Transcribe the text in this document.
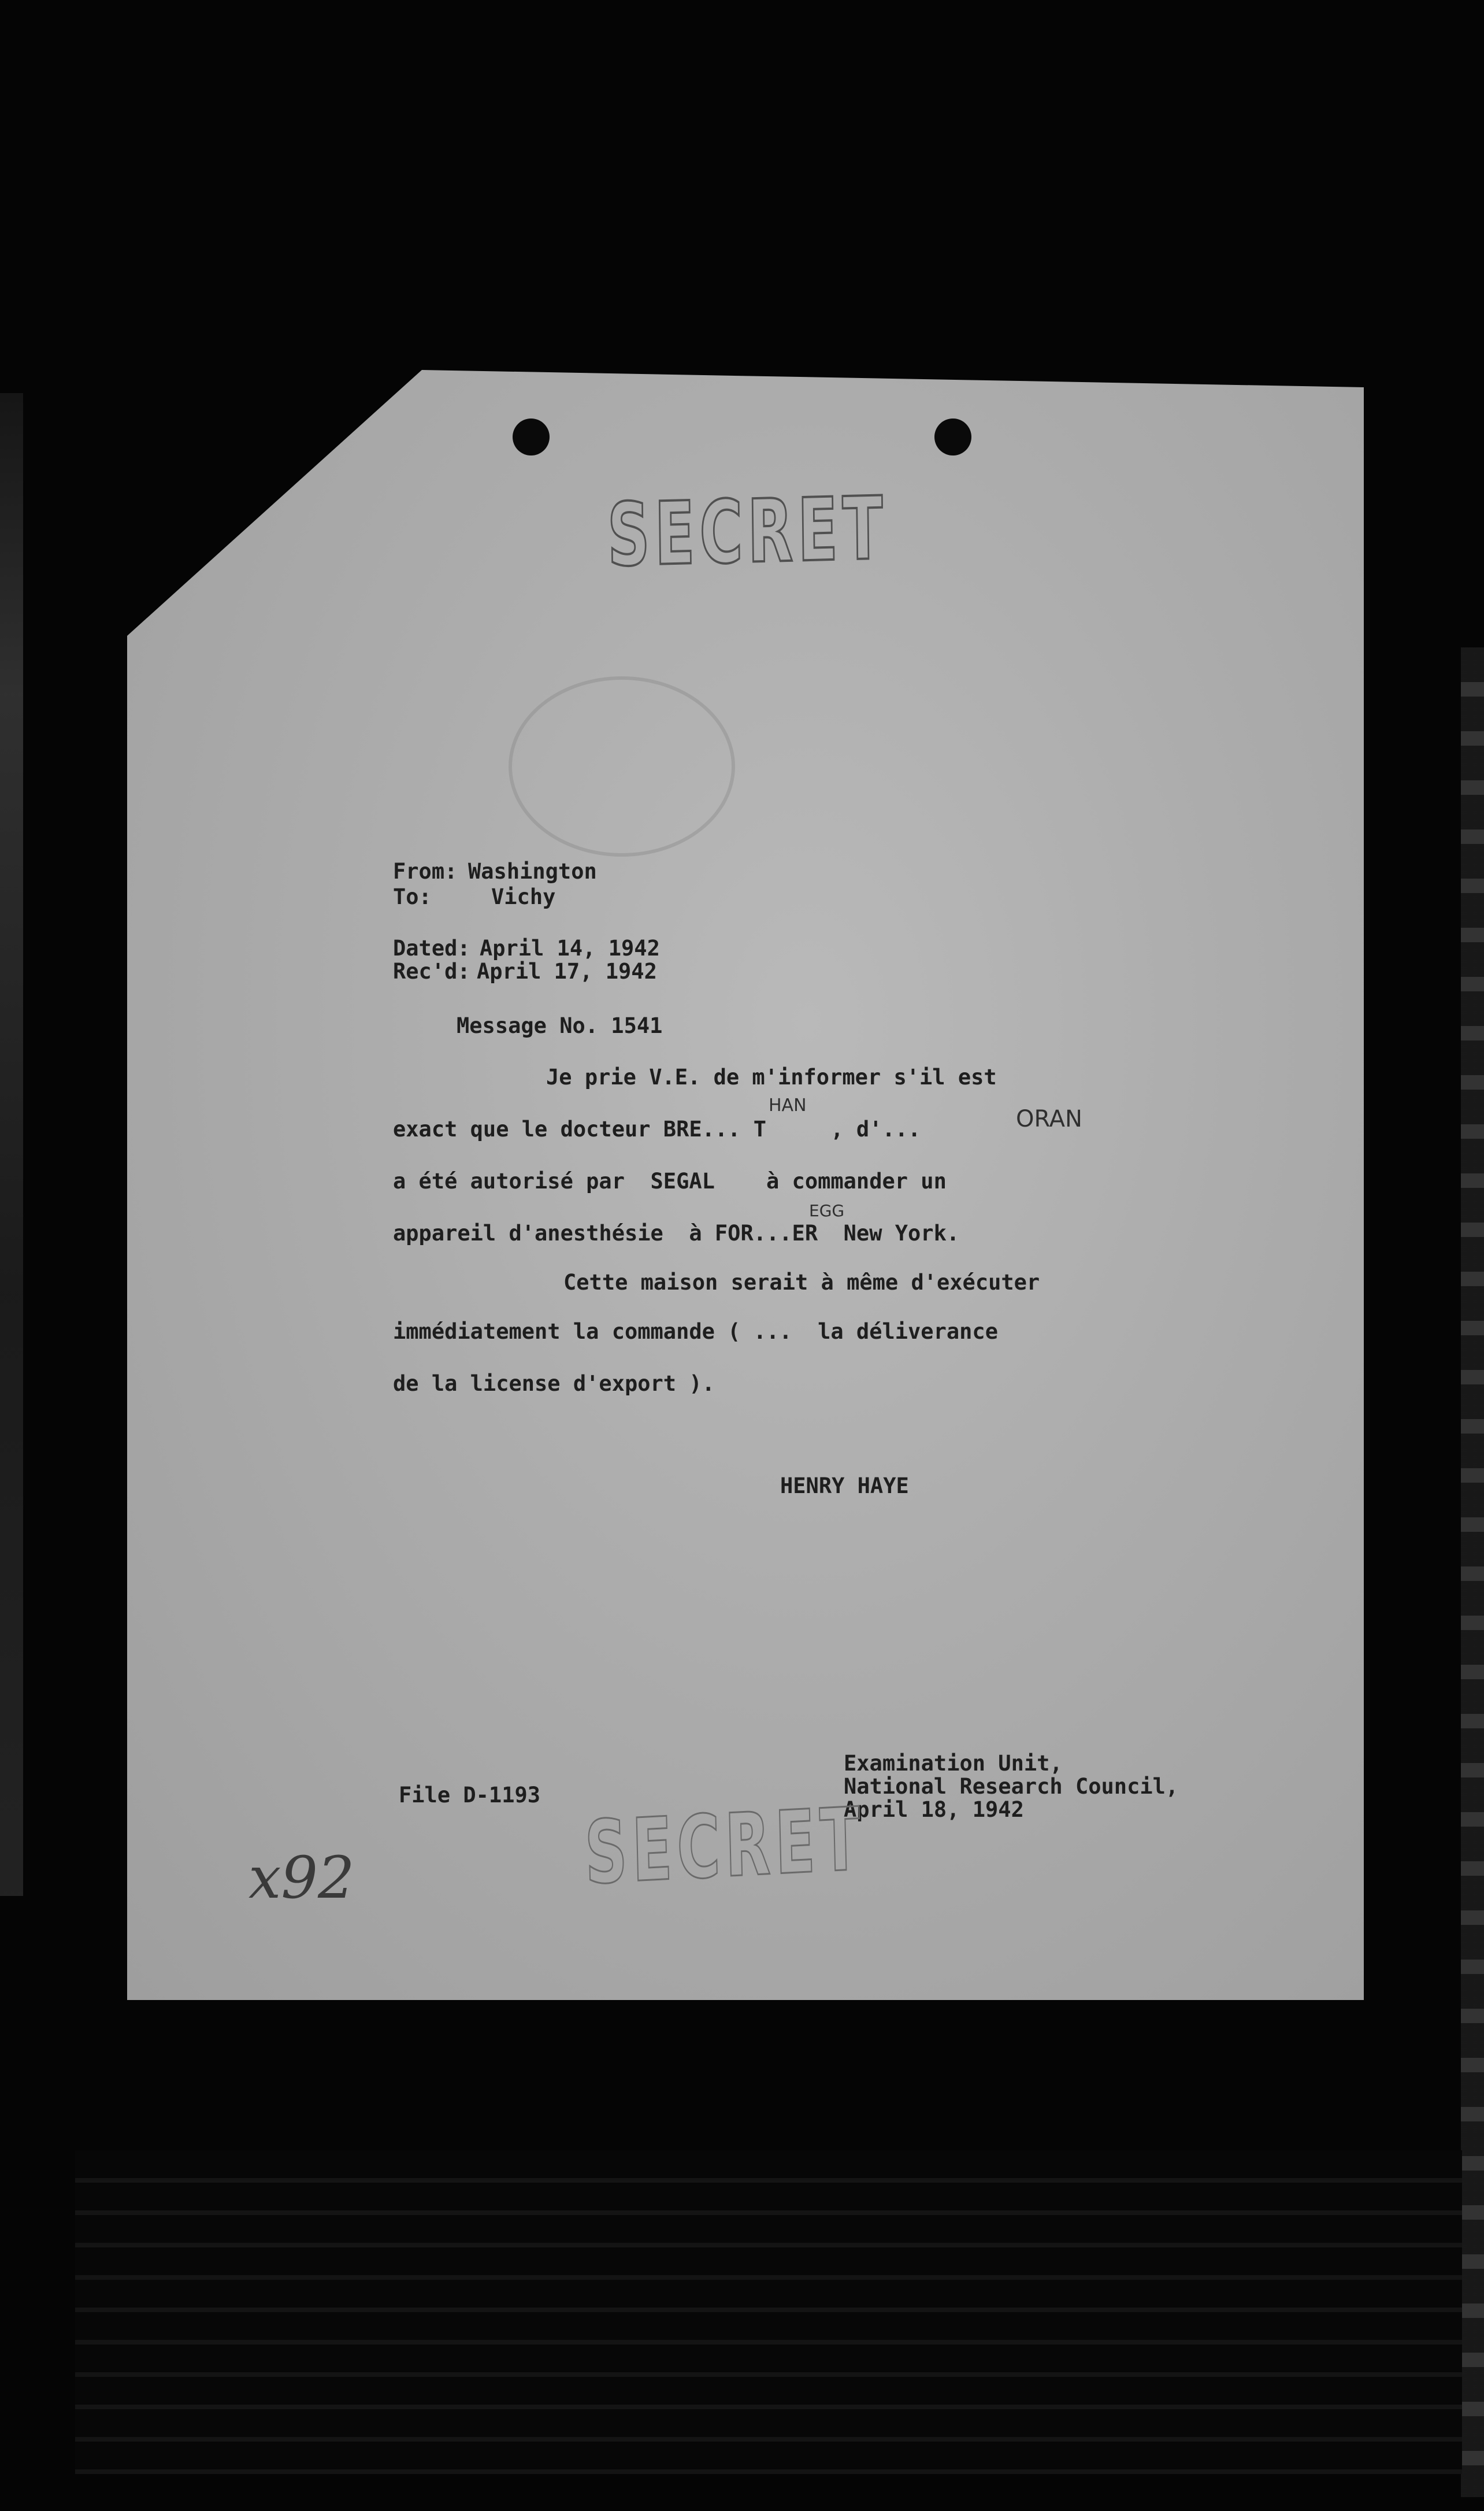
SECRET
From: Washington
To:	Vichy
Dated: April 14, 1942
Rec'd: April 17, 1942
Message No. 1541
Je prie V.E. de m'informer s'il est
exact que le docteur BRE... T     , d'...
a été autorisé par  SEGAL    à commander un
appareil d'anesthésie  à FOR...ER  New York.
Cette maison serait à même d'exécuter
immédiatement la commande ( ...  la déliverance
de la license d'export ).
HAN
ORAN
EGG
HENRY HAYE
File D-1193
Examination Unit,
National Research Council,
April 18, 1942
SECRET
x92
